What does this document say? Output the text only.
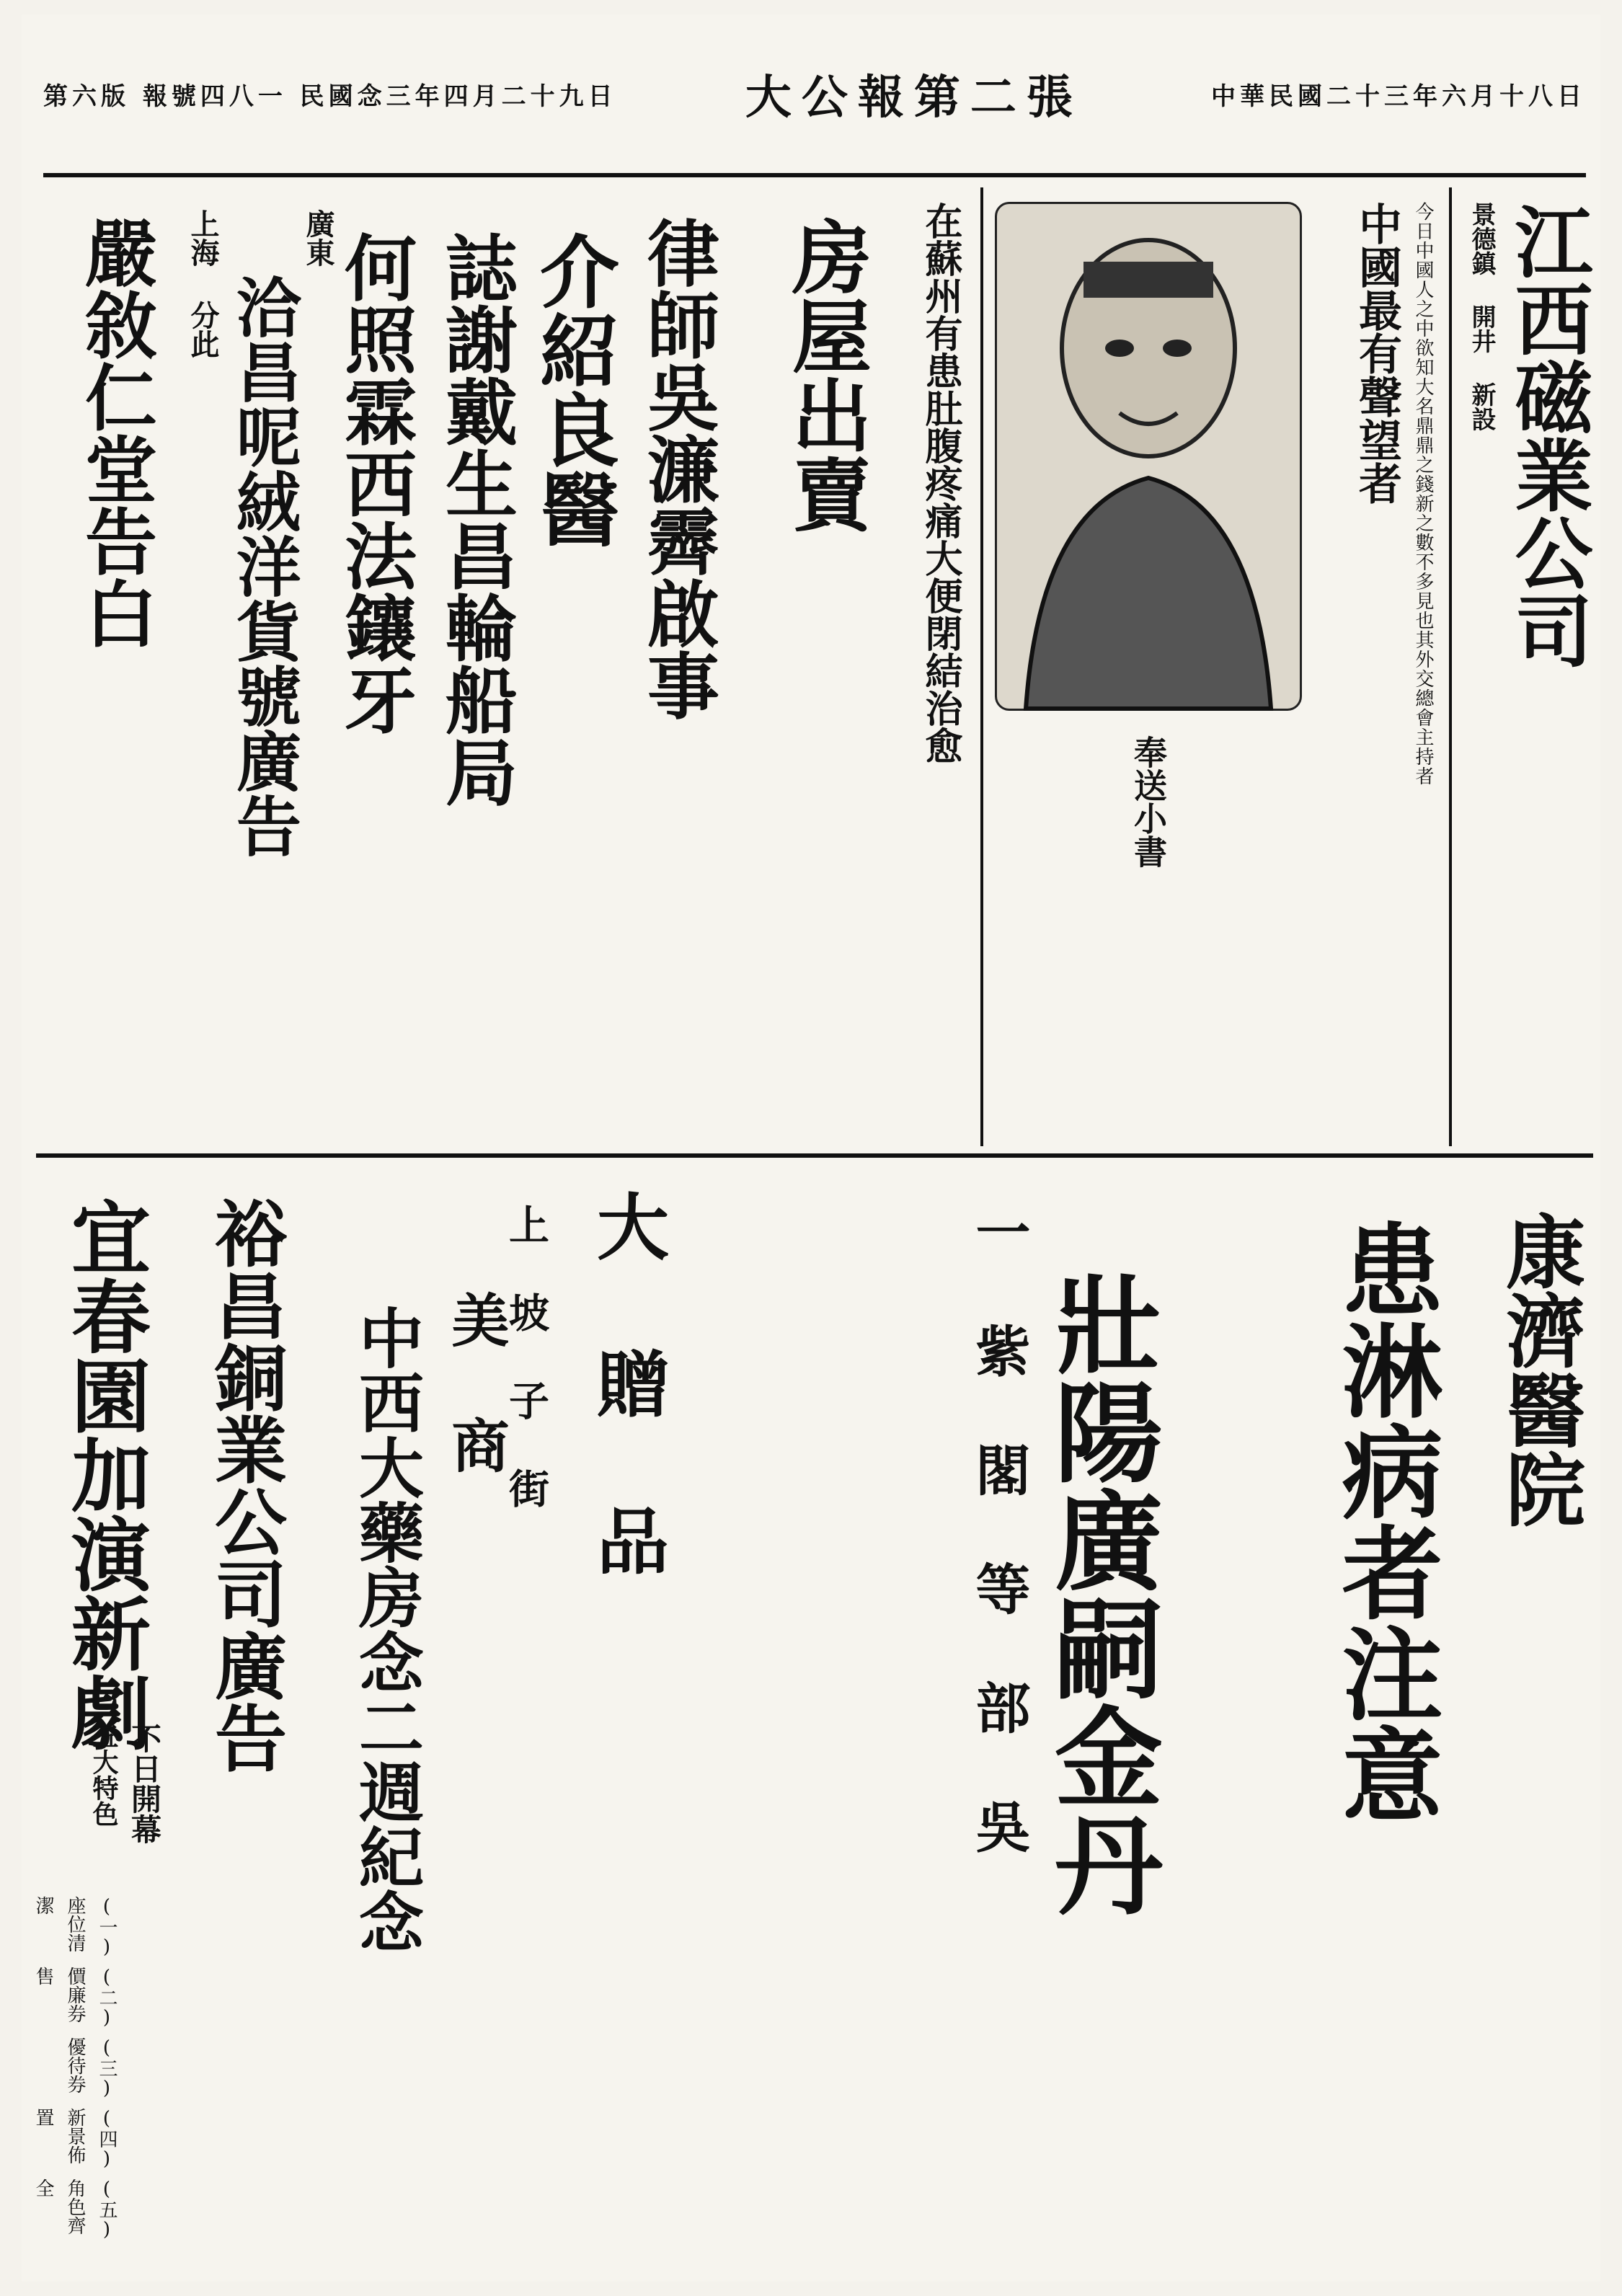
第六版 報號四八一 民國念三年四月二十九日	大公報第二張	中華民國二十三年六月十八日
景德鎮 開井 新設 江西磁業公司
中國最有聲望者 今日中國人之中欲知大名鼎鼎之錢新之數不多見也其外交總會主持者
奉送小書
在蘇州有患肚腹疼痛大便閉結治愈
房屋出賣
律師吳濂霽啟事
介紹良醫
誌謝戴生昌輪船局
廣東
何照霖西法鑲牙
上海 分此 洽昌呢絨洋貨號廣告
嚴敘仁堂告白
康濟醫院
患淋病者注意
一 紫 閣 等 部 吳 壯陽廣嗣金丹
大 贈 品
上 坡 子 街
美 商
中西大藥房念二週紀念
裕昌銅業公司廣告
宜春園加演新劇
不日開幕
五大特色
(一)座位清潔
(二)價廉券售
(三)優待券
(四)新景佈置
(五)角色齊全
